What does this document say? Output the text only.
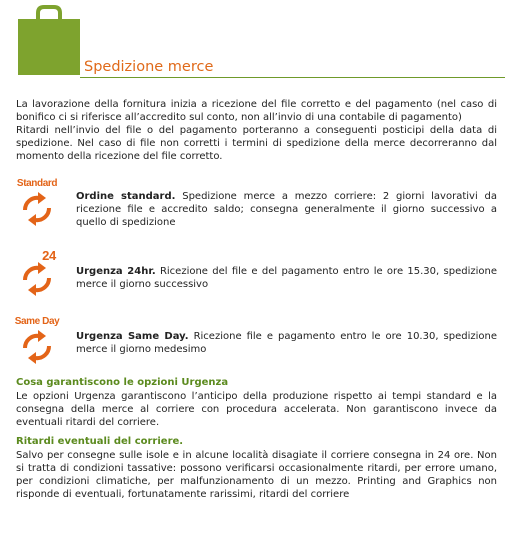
Spedizione merce
La lavorazione della fornitura inizia a ricezione del file corretto e del pagamento (nel caso di bonifico ci si riferisce all’accredito sul conto, non all’invio di una contabile di pagamento)
Ritardi nell’invio del file o del pagamento porteranno a conseguenti posticipi della data di spedizione. Nel caso di file non corretti i termini di spedizione della merce decorreranno dal momento della ricezione del file corretto.
Standard
Ordine standard. Spedizione merce a mezzo corriere: 2 giorni lavorativi da ricezione file e accredito saldo; consegna generalmente il giorno successivo a quello di spedizione
24
Urgenza 24hr. Ricezione del file e del pagamento entro le ore 15.30, spedizione merce il giorno successivo
Same Day
Urgenza Same Day. Ricezione file e pagamento entro le ore 10.30, spedizione merce il giorno medesimo
Cosa garantiscono le opzioni Urgenza
Le opzioni Urgenza garantiscono l’anticipo della produzione rispetto ai tempi standard e la consegna della merce al corriere con procedura accelerata. Non garantiscono invece da eventuali ritardi del corriere.
Ritardi eventuali del corriere.
Salvo per consegne sulle isole e in alcune località disagiate il corriere consegna in 24 ore. Non si tratta di condizioni tassative: possono verificarsi occasionalmente ritardi, per errore umano, per condizioni climatiche, per malfunzionamento di un mezzo. Printing and Graphics non risponde di eventuali, fortunatamente rarissimi, ritardi del corriere
